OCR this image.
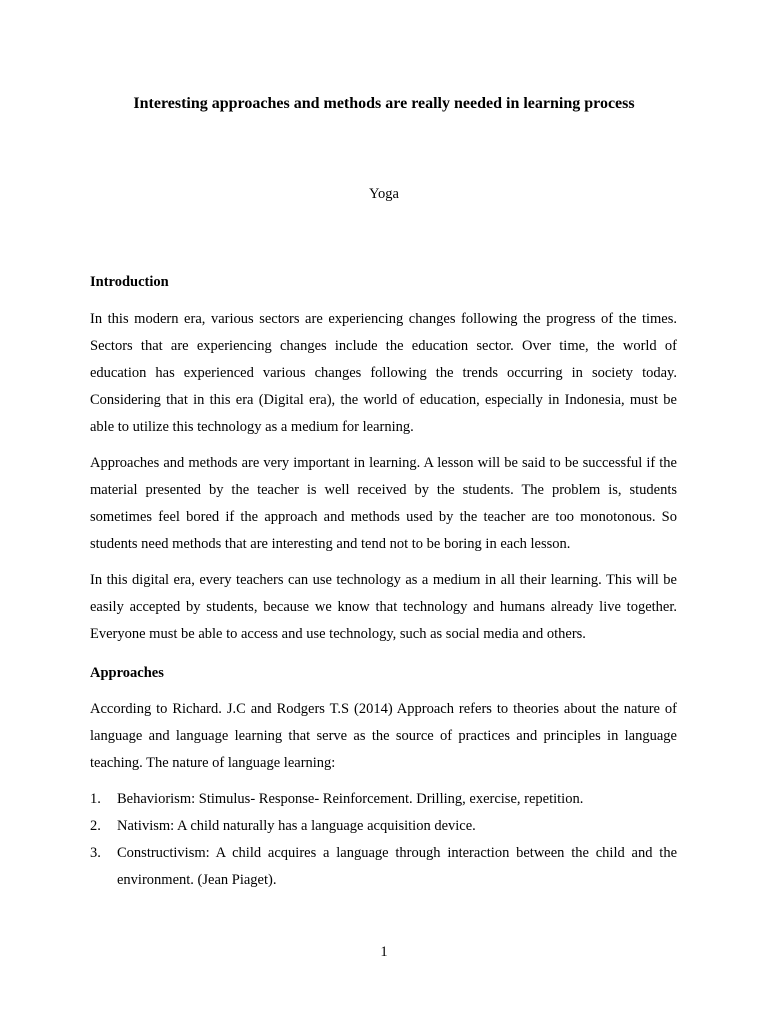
Interesting approaches and methods are really needed in learning process

Yoga

Introduction

In this modern era, various sectors are experiencing changes following the progress of the times. Sectors that are experiencing changes include the education sector. Over time, the world of education has experienced various changes following the trends occurring in society today. Considering that in this era (Digital era), the world of education, especially in Indonesia, must be able to utilize this technology as a medium for learning.

Approaches and methods are very important in learning. A lesson will be said to be successful if the material presented by the teacher is well received by the students. The problem is, students sometimes feel bored if the approach and methods used by the teacher are too monotonous. So students need methods that are interesting and tend not to be boring in each lesson.

In this digital era, every teachers can use technology as a medium in all their learning. This will be easily accepted by students, because we know that technology and humans already live together. Everyone must be able to access and use technology, such as social media and others.

Approaches

According to Richard. J.C and Rodgers T.S (2014) Approach refers to theories about the nature of language and language learning that serve as the source of practices and principles in language teaching. The nature of language learning:

1. Behaviorism: Stimulus- Response- Reinforcement. Drilling, exercise, repetition.
2. Nativism: A child naturally has a language acquisition device.
3. Constructivism: A child acquires a language through interaction between the child and the environment. (Jean Piaget).

1
